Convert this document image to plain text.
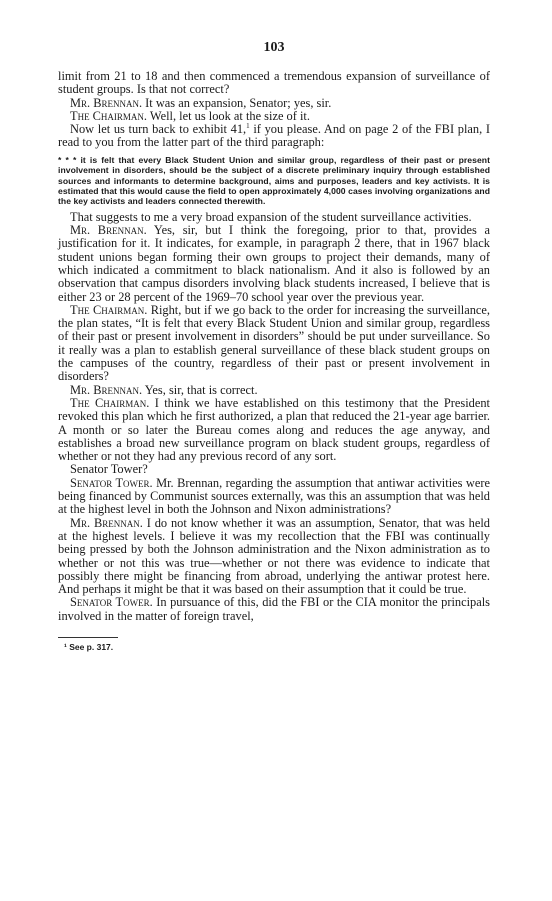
103

limit from 21 to 18 and then commenced a tremendous expansion of surveillance of student groups. Is that not correct?

Mr. Brennan. It was an expansion, Senator; yes, sir.

The Chairman. Well, let us look at the size of it.

Now let us turn back to exhibit 41,$^1$ if you please. And on page 2 of the FBI plan, I read to you from the latter part of the third paragraph:

* * * it is felt that every Black Student Union and similar group, regardless of their past or present involvement in disorders, should be the subject of a discrete preliminary inquiry through established sources and informants to determine background, aims and purposes, leaders and key activists. It is estimated that this would cause the field to open approximately 4,000 cases involving organizations and the key activists and leaders connected therewith.

That suggests to me a very broad expansion of the student surveillance activities.

Mr. Brennan. Yes, sir, but I think the foregoing, prior to that, provides a justification for it. It indicates, for example, in paragraph 2 there, that in 1967 black student unions began forming their own groups to project their demands, many of which indicated a commitment to black nationalism. And it also is followed by an observation that campus disorders involving black students increased, I believe that is either 23 or 28 percent of the 1969–70 school year over the previous year.

The Chairman. Right, but if we go back to the order for increasing the surveillance, the plan states, “It is felt that every Black Student Union and similar group, regardless of their past or present involvement in disorders” should be put under surveillance. So it really was a plan to establish general surveillance of these black student groups on the campuses of the country, regardless of their past or present involvement in disorders?

Mr. Brennan. Yes, sir, that is correct.

The Chairman. I think we have established on this testimony that the President revoked this plan which he first authorized, a plan that reduced the 21-year age barrier. A month or so later the Bureau comes along and reduces the age anyway, and establishes a broad new surveillance program on black student groups, regardless of whether or not they had any previous record of any sort.

Senator Tower?

Senator Tower. Mr. Brennan, regarding the assumption that antiwar activities were being financed by Communist sources externally, was this an assumption that was held at the highest level in both the Johnson and Nixon administrations?

Mr. Brennan. I do not know whether it was an assumption, Senator, that was held at the highest levels. I believe it was my recollection that the FBI was continually being pressed by both the Johnson administration and the Nixon administration as to whether or not this was true—whether or not there was evidence to indicate that possibly there might be financing from abroad, underlying the antiwar protest here. And perhaps it might be that it was based on their assumption that it could be true.

Senator Tower. In pursuance of this, did the FBI or the CIA monitor the principals involved in the matter of foreign travel,

¹ See p. 317.
